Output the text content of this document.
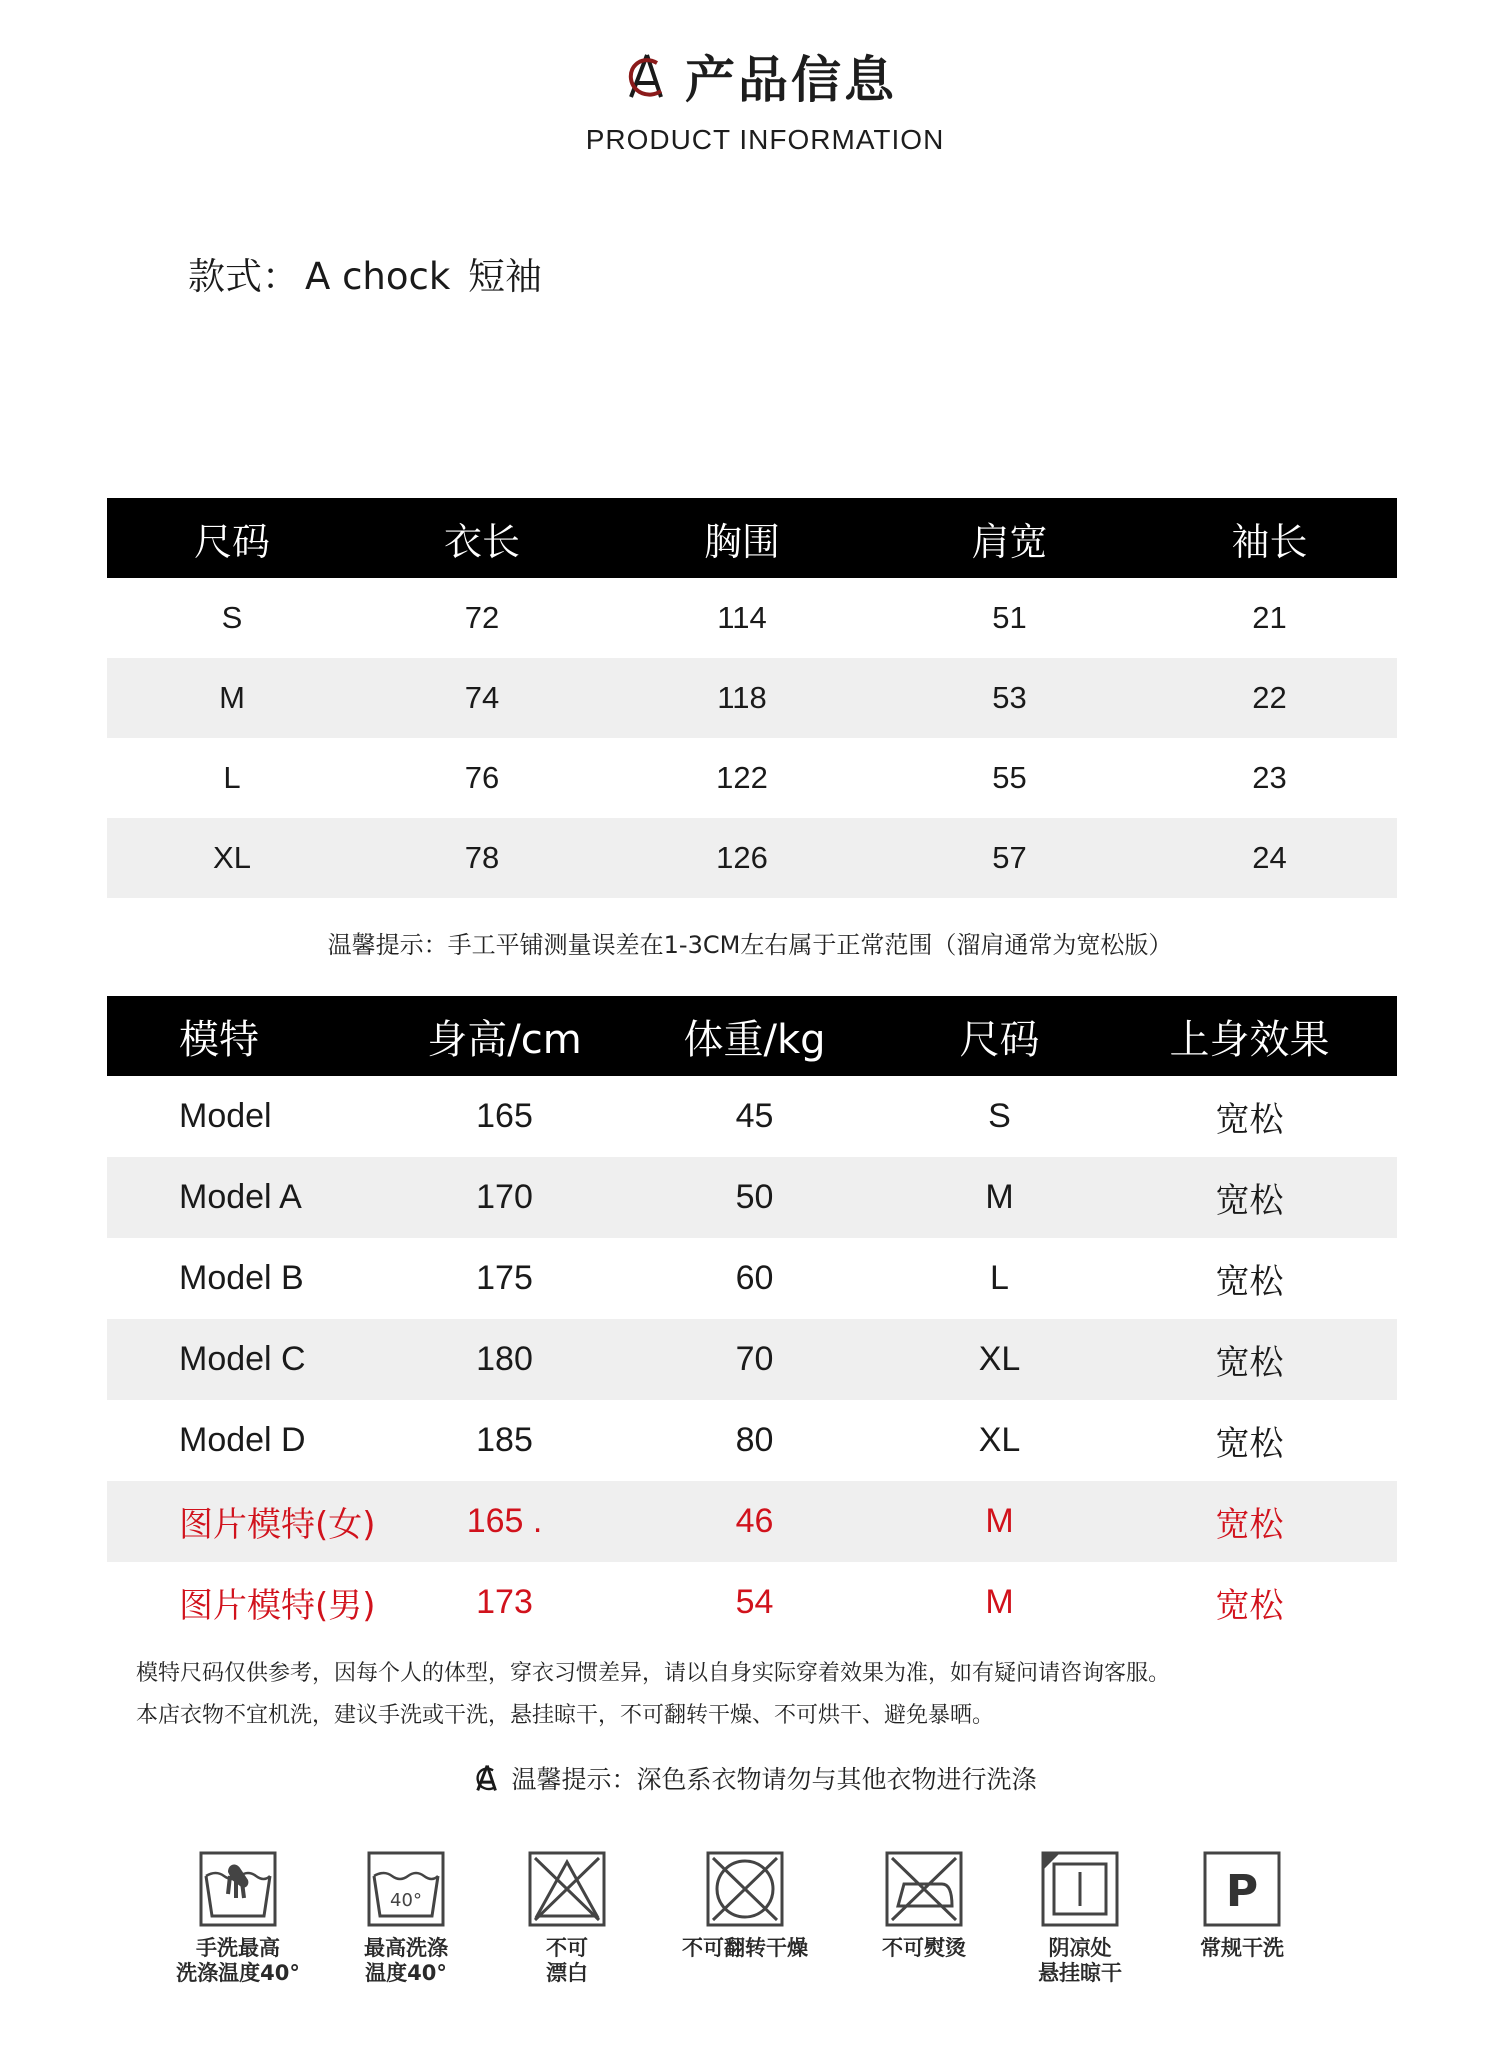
产品信息
PRODUCT INFORMATION
款式： A chock 短袖
尺码	衣长	胸围	肩宽	袖长
S	72	114	51	21
M	74	118	53	22
L	76	122	55	23
XL	78	126	57	24
温馨提示：手工平铺测量误差在1-3CM左右属于正常范围（溜肩通常为宽松版）
模特	身高/cm	体重/kg	尺码	上身效果
Model	165	45	S	宽松
Model A	170	50	M	宽松
Model B	175	60	L	宽松
Model C	180	70	XL	宽松
Model D	185	80	XL	宽松
图片模特(女)	165 .	46	M	宽松
图片模特(男)	173	54	M	宽松
模特尺码仅供参考，因每个人的体型，穿衣习惯差异，请以自身实际穿着效果为准，如有疑问请咨询客服。
本店衣物不宜机洗，建议手洗或干洗，悬挂晾干，不可翻转干燥、不可烘干、避免暴晒。
温馨提示：深色系衣物请勿与其他衣物进行洗涤
手洗最高
洗涤温度40°
40°
最高洗涤
温度40°
不可
漂白
不可翻转干燥	不可熨烫	阴凉处
悬挂晾干
P
常规干洗
